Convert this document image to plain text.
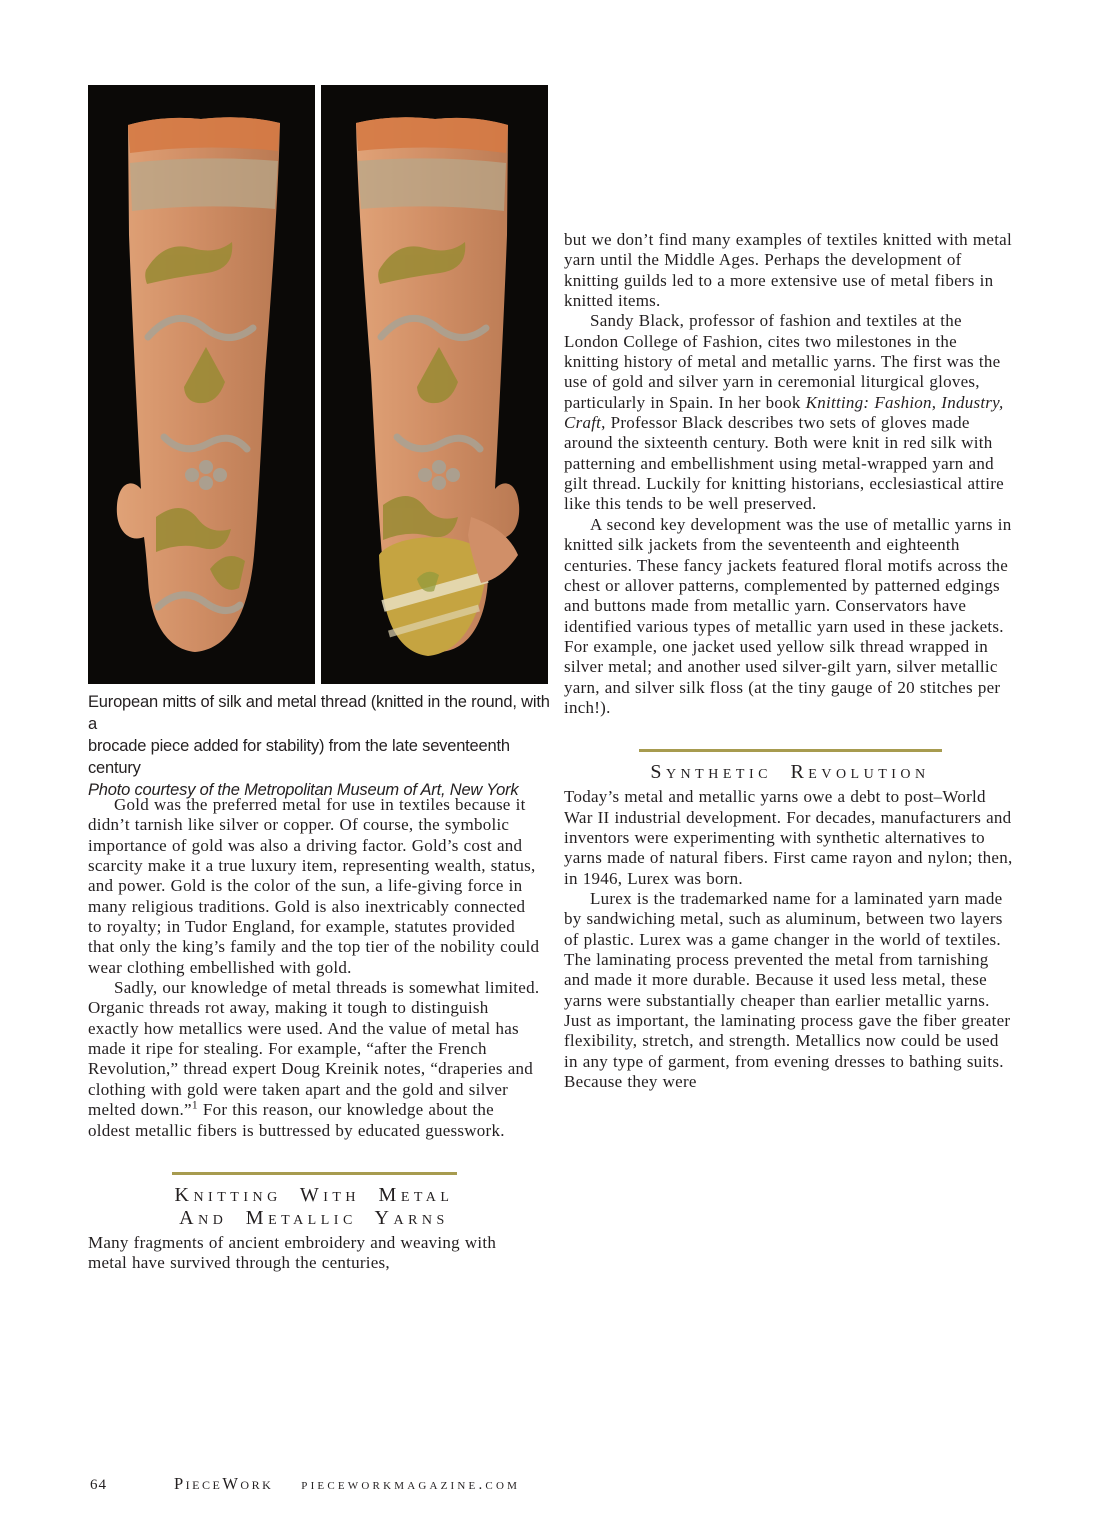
European mitts of silk and metal thread (knitted in the round, with a
brocade piece added for stability) from the late seventeenth century
Photo courtesy of the Metropolitan Museum of Art, New York

Gold was the preferred metal for use in textiles because it didn’t tarnish like silver or copper. Of course, the symbolic importance of gold was also a driving factor. Gold’s cost and scarcity make it a true luxury item, representing wealth, status, and power. Gold is the color of the sun, a life-giving force in many religious traditions. Gold is also inextricably connected to royalty; in Tudor England, for example, statutes provided that only the king’s family and the top tier of the nobility could wear clothing embellished with gold.

Sadly, our knowledge of metal threads is somewhat limited. Organic threads rot away, making it tough to distinguish exactly how metallics were used. And the value of metal has made it ripe for stealing. For example, “after the French Revolution,” thread expert Doug Kreinik notes, “draperies and clothing with gold were taken apart and the gold and silver melted down.”$^1$ For this reason, our knowledge about the oldest metallic fibers is buttressed by educated guesswork.

Knitting With Metal
And Metallic Yarns

Many fragments of ancient embroidery and weaving with metal have survived through the centuries,

but we don’t find many examples of textiles knitted with metal yarn until the Middle Ages. Perhaps the development of knitting guilds led to a more extensive use of metal fibers in knitted items.

Sandy Black, professor of fashion and textiles at the London College of Fashion, cites two milestones in the knitting history of metal and metallic yarns. The first was the use of gold and silver yarn in ceremonial liturgical gloves, particularly in Spain. In her book Knitting: Fashion, Industry, Craft, Professor Black describes two sets of gloves made around the sixteenth century. Both were knit in red silk with patterning and embellishment using metal-wrapped yarn and gilt thread. Luckily for knitting historians, ecclesiastical attire like this tends to be well preserved.

A second key development was the use of metallic yarns in knitted silk jackets from the seventeenth and eighteenth centuries. These fancy jackets featured floral motifs across the chest or allover patterns, complemented by patterned edgings and buttons made from metallic yarn. Conservators have identified various types of metallic yarn used in these jackets. For example, one jacket used yellow silk thread wrapped in silver metal; and another used silver-gilt yarn, silver metallic yarn, and silver silk floss (at the tiny gauge of 20 stitches per inch!).

Synthetic Revolution

Today’s metal and metallic yarns owe a debt to post–World War II industrial development. For decades, manufacturers and inventors were experimenting with synthetic alternatives to yarns made of natural fibers. First came rayon and nylon; then, in 1946, Lurex was born.

Lurex is the trademarked name for a laminated yarn made by sandwiching metal, such as aluminum, between two layers of plastic. Lurex was a game changer in the world of textiles. The laminating process prevented the metal from tarnishing and made it more durable. Because it used less metal, these yarns were substantially cheaper than earlier metallic yarns. Just as important, the laminating process gave the fiber greater flexibility, stretch, and strength. Metallics now could be used in any type of garment, from evening dresses to bathing suits. Because they were

64	PieceWork pieceworkmagazine.com
